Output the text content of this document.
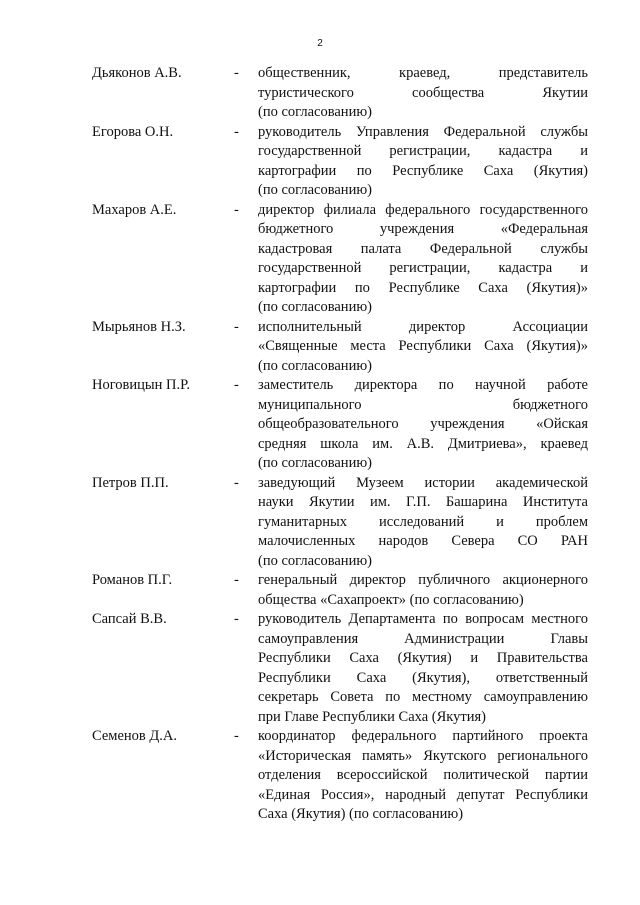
2
Дьяконов А.В.	-	общественник, краевед, представитель
туристического сообщества Якутии
(по согласованию)
Егорова О.Н.	-	руководитель Управления Федеральной службы
государственной регистрации, кадастра и
картографии по Республике Саха (Якутия)
(по согласованию)
Махаров А.Е.	-	директор филиала федерального государственного
бюджетного учреждения «Федеральная
кадастровая палата Федеральной службы
государственной регистрации, кадастра и
картографии по Республике Саха (Якутия)»
(по согласованию)
Мырьянов Н.З.	-	исполнительный директор Ассоциации
«Священные места Республики Саха (Якутия)»
(по согласованию)
Ноговицын П.Р.	-	заместитель директора по научной работе
муниципального бюджетного
общеобразовательного учреждения «Ойская
средняя школа им. А.В. Дмитриева», краевед
(по согласованию)
Петров П.П.	-	заведующий Музеем истории академической
науки Якутии им. Г.П. Башарина Института
гуманитарных исследований и проблем
малочисленных народов Севера СО РАН
(по согласованию)
Романов П.Г.	-	генеральный директор публичного акционерного
общества «Сахапроект» (по согласованию)
Сапсай В.В.	-	руководитель Департамента по вопросам местного
самоуправления Администрации Главы
Республики Саха (Якутия) и Правительства
Республики Саха (Якутия), ответственный
секретарь Совета по местному самоуправлению
при Главе Республики Саха (Якутия)
Семенов Д.А.	-	координатор федерального партийного проекта
«Историческая память» Якутского регионального
отделения всероссийской политической партии
«Единая Россия», народный депутат Республики
Саха (Якутия) (по согласованию)
